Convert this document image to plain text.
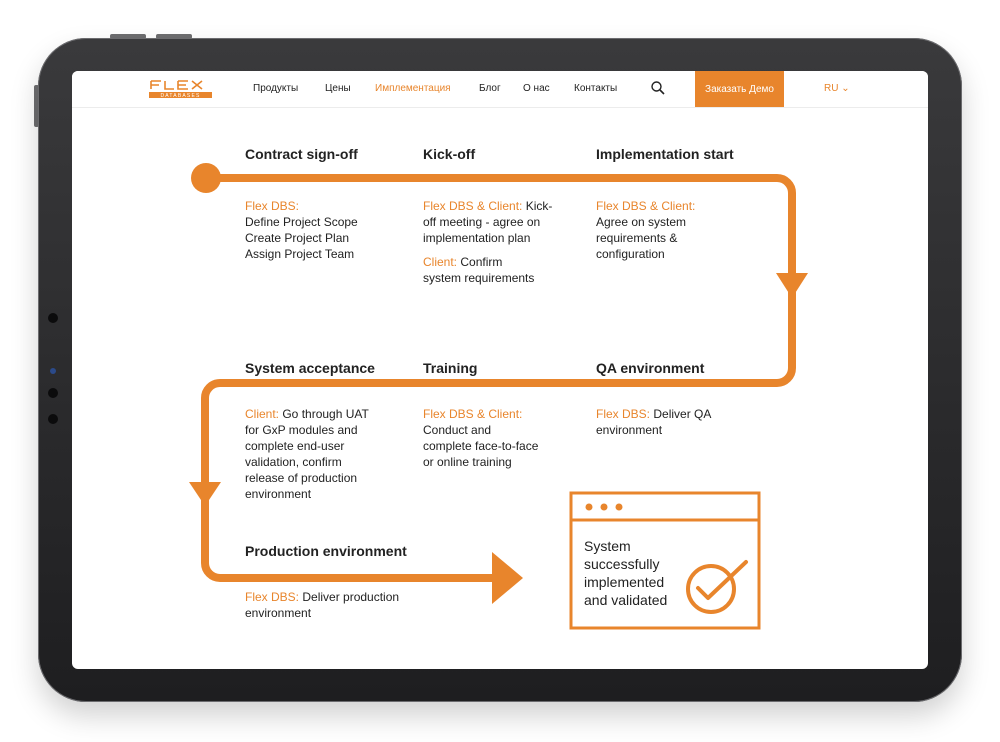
DATABASES
Продукты	Цены Имплементация	Блог О нас Контакты	Заказать Демо	RU ⌄
Contract sign-off
Flex DBS:
Define Project Scope
Create Project Plan
Assign Project Team
Kick-off
Flex DBS & Client: Kick-
off meeting - agree on
implementation plan
Client: Confirm
system requirements
Implementation start
Flex DBS & Client:
Agree on system
requirements &
configuration
System acceptance
Client: Go through UAT
for GxP modules and
complete end-user
validation, confirm
release of production
environment
Training
Flex DBS & Client:
Conduct and
complete face-to-face
or online training
QA environment
Flex DBS: Deliver QA
environment
Production environment
Flex DBS: Deliver production
environment
System
successfully
implemented
and validated
